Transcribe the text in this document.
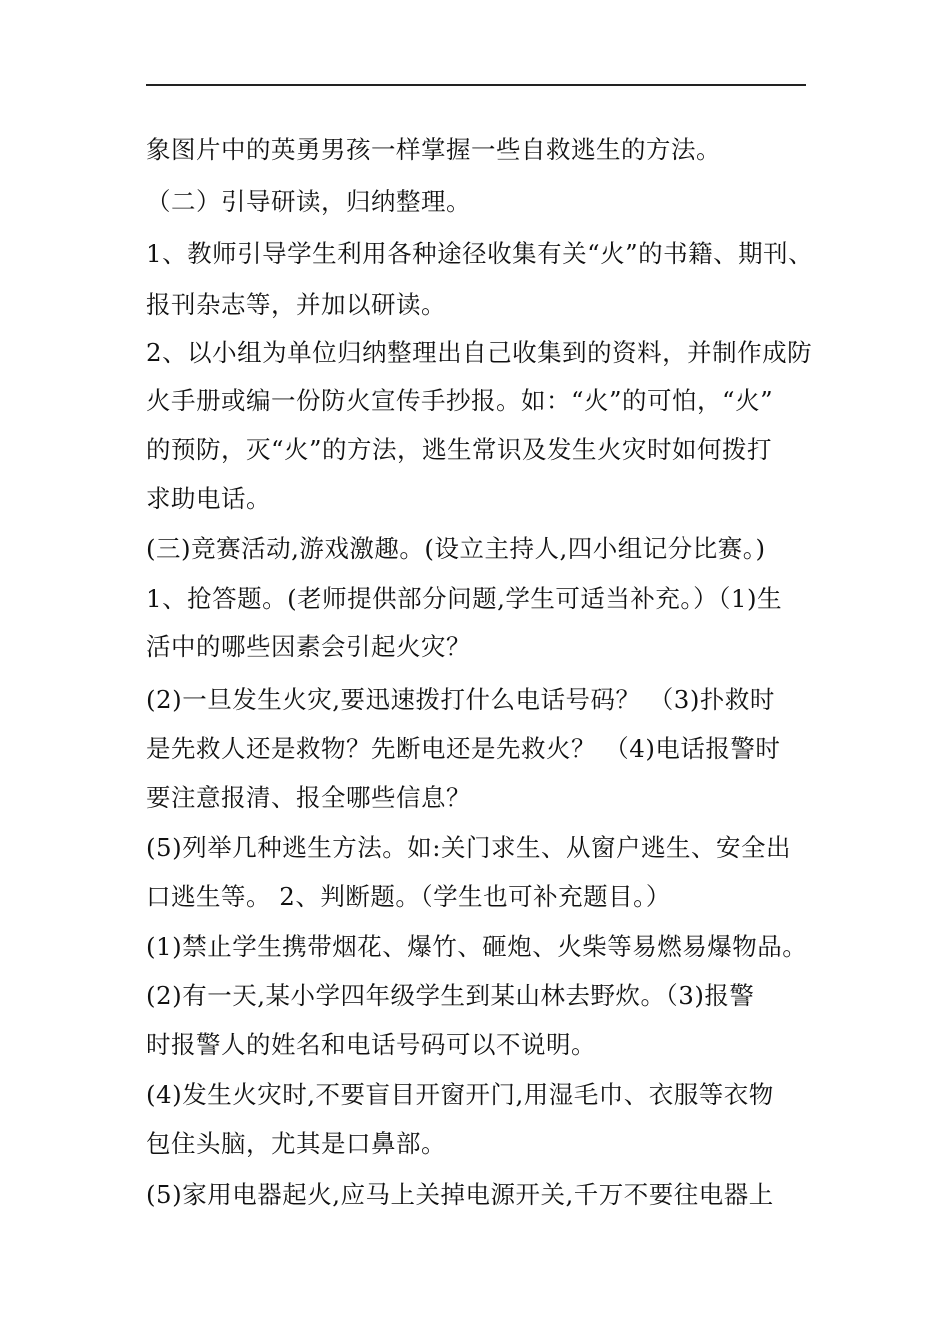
象图片中的英勇男孩一样掌握一些自救逃生的方法。
（二）引导研读，归纳整理。
1、教师引导学生利用各种途径收集有关“火”的书籍、期刊、
报刊杂志等，并加以研读。
2、以小组为单位归纳整理出自己收集到的资料，并制作成防
火手册或编一份防火宣传手抄报。如：“火”的可怕，“火”
的预防，灭“火”的方法，逃生常识及发生火灾时如何拨打
求助电话。
(三)竞赛活动,游戏激趣。(设立主持人,四小组记分比赛。)
1、抢答题。(老师提供部分问题,学生可适当补充。）（1)生
活中的哪些因素会引起火灾？
(2)一旦发生火灾,要迅速拨打什么电话号码？ （3)扑救时
是先救人还是救物？先断电还是先救火？ （4)电话报警时
要注意报清、报全哪些信息？
(5)列举几种逃生方法。如:关门求生、从窗户逃生、安全出
口逃生等。 2、判断题。（学生也可补充题目。）
(1)禁止学生携带烟花、爆竹、砸炮、火柴等易燃易爆物品。
(2)有一天,某小学四年级学生到某山林去野炊。（3)报警
时报警人的姓名和电话号码可以不说明。
(4)发生火灾时,不要盲目开窗开门,用湿毛巾、衣服等衣物
包住头脑，尤其是口鼻部。
(5)家用电器起火,应马上关掉电源开关,千万不要往电器上
